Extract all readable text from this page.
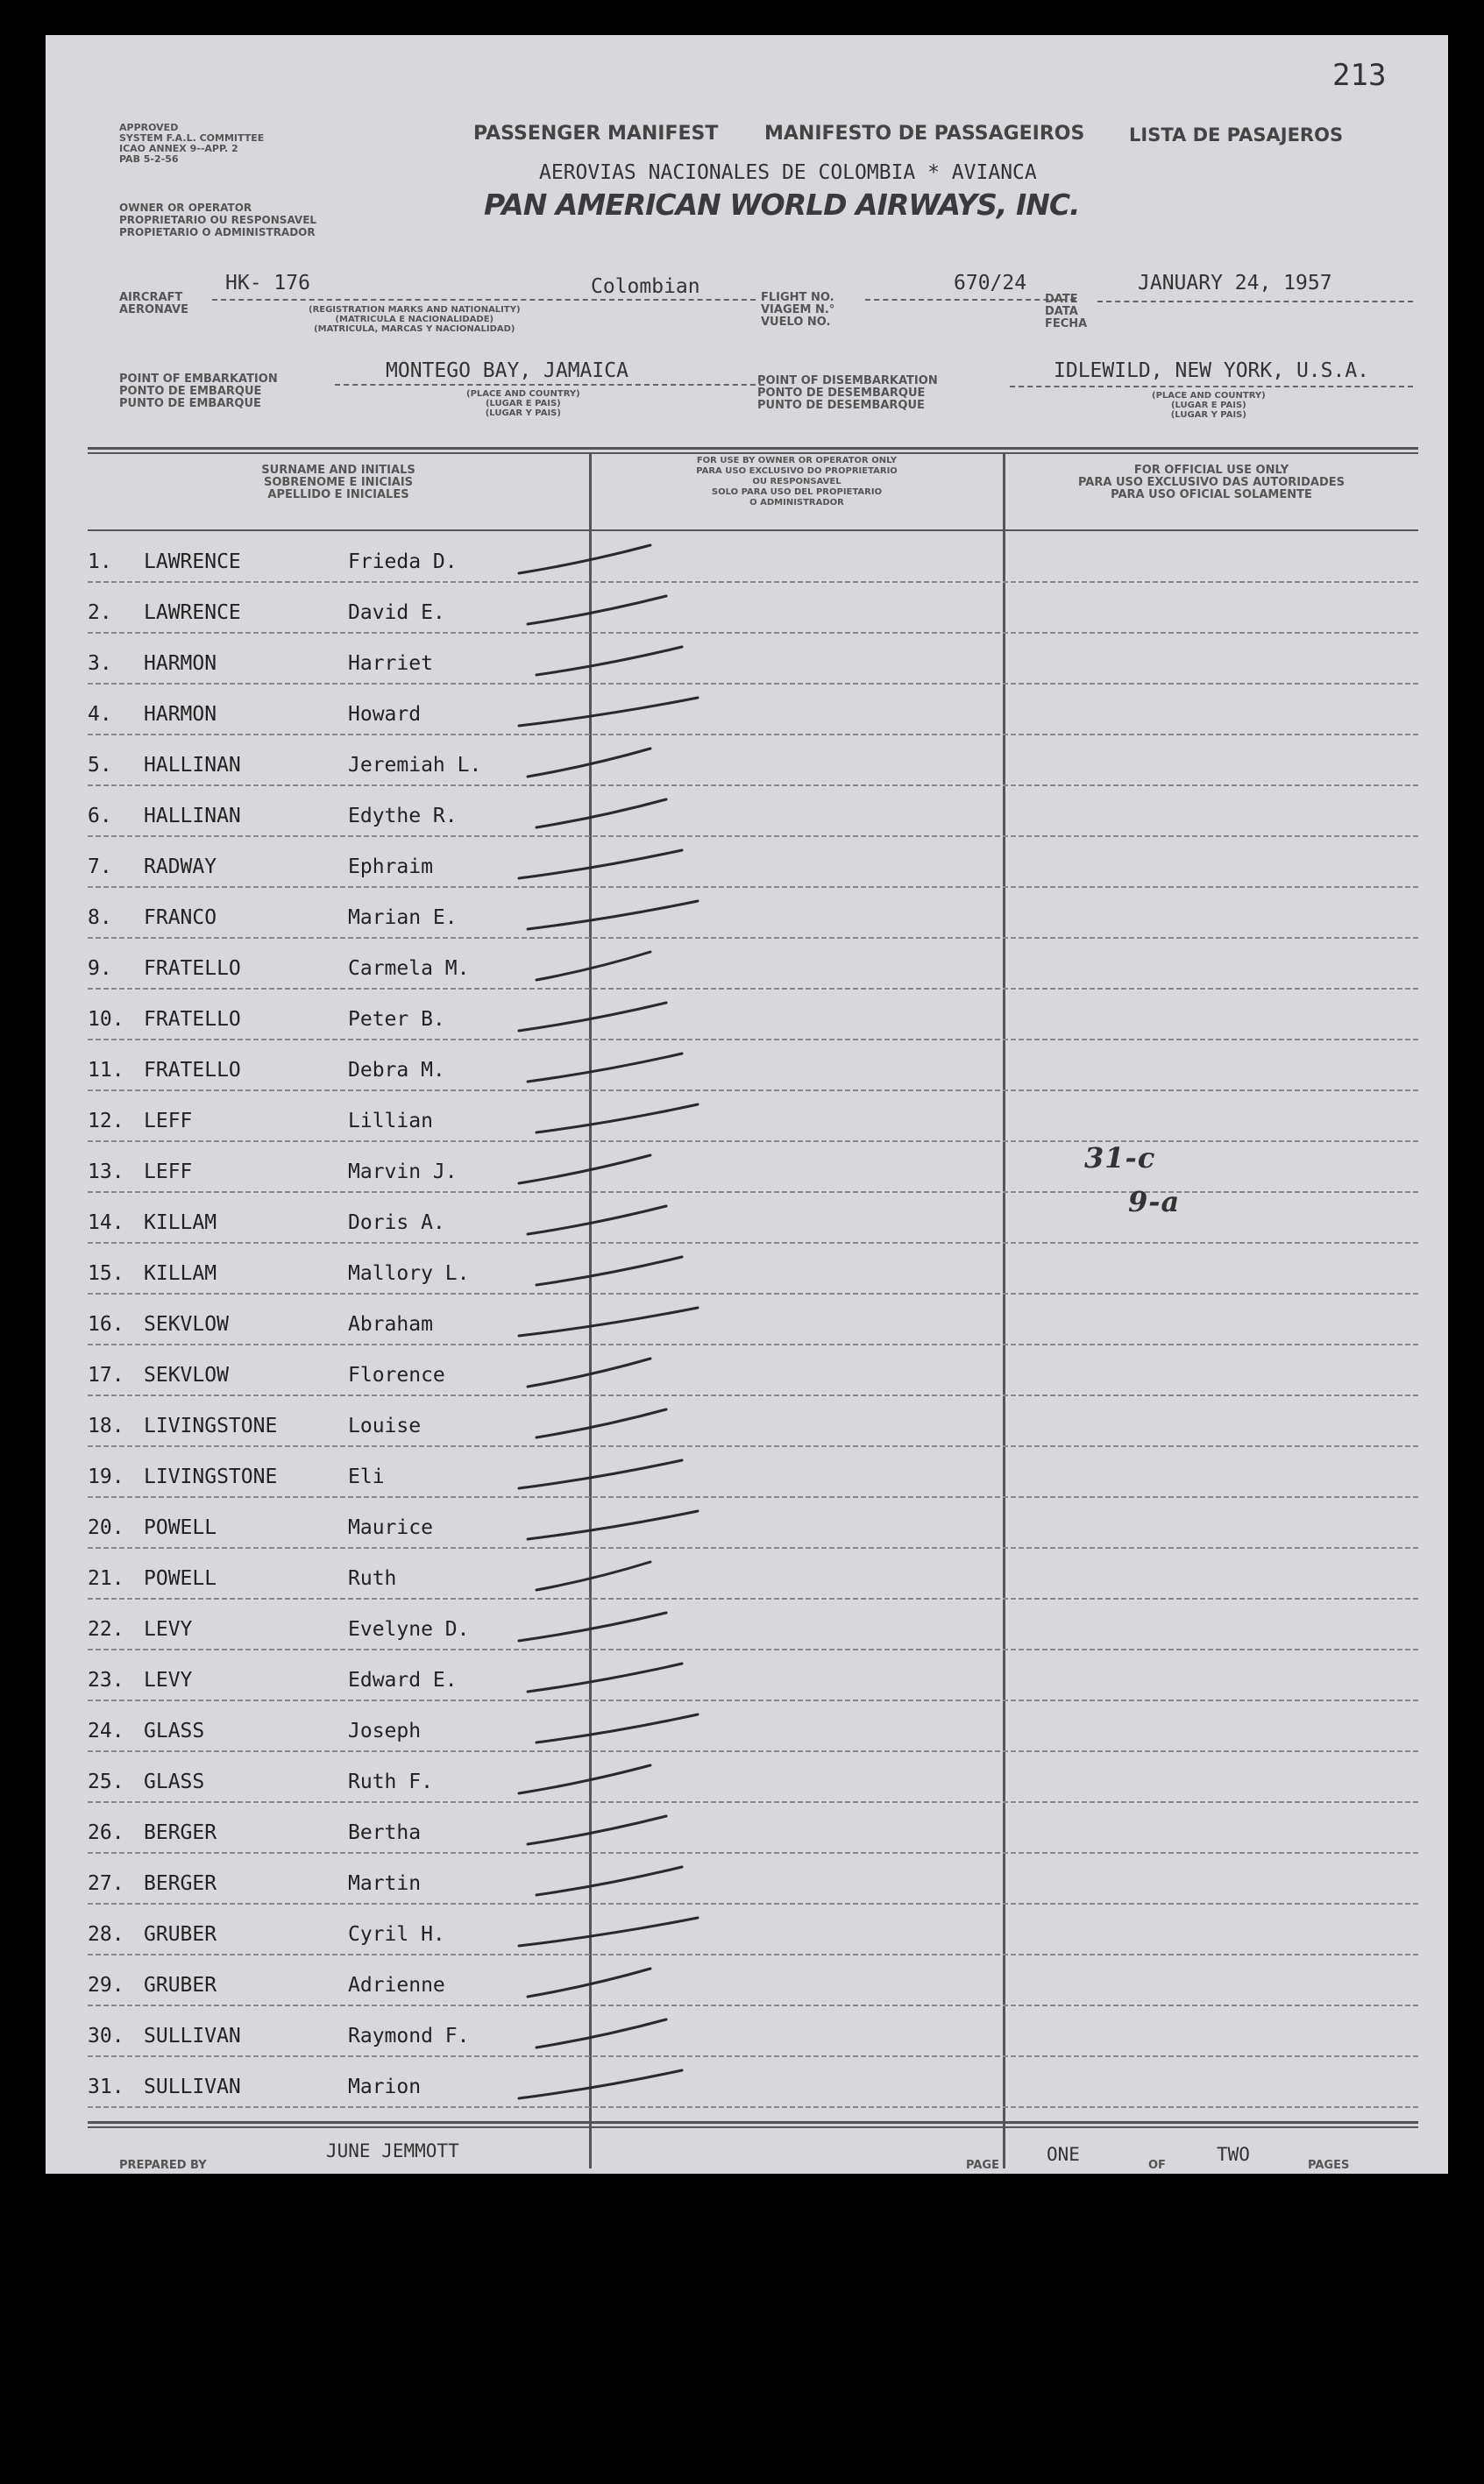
213
APPROVED
SYSTEM F.A.L. COMMITTEE
ICAO ANNEX 9--APP. 2
PAB 5-2-56
PASSENGER MANIFEST MANIFESTO DE PASSAGEIROS LISTA DE PASAJEROS
OWNER OR OPERATOR
PROPRIETARIO OU RESPONSAVEL
PROPIETARIO O ADMINISTRADOR
AEROVIAS NACIONALES DE COLOMBIA * AVIANCA
PAN AMERICAN WORLD AIRWAYS, INC.
AIRCRAFT
AERONAVE
HK- 176	Colombian
(REGISTRATION MARKS AND NATIONALITY)
(MATRICULA E NACIONALIDADE)
(MATRICULA, MARCAS Y NACIONALIDAD)
FLIGHT NO.
VIAGEM N.°
VUELO NO.
670/24
DATE
DATA
FECHA
JANUARY 24, 1957
POINT OF EMBARKATION
PONTO DE EMBARQUE
PUNTO DE EMBARQUE
MONTEGO BAY, JAMAICA
(PLACE AND COUNTRY)
(LUGAR E PAIS)
(LUGAR Y PAIS)
POINT OF DISEMBARKATION
PONTO DE DESEMBARQUE
PUNTO DE DESEMBARQUE
IDLEWILD, NEW YORK, U.S.A.
(PLACE AND COUNTRY)
(LUGAR E PAIS)
(LUGAR Y PAIS)
SURNAME AND INITIALS
SOBRENOME E INICIAIS
APELLIDO E INICIALES
FOR USE BY OWNER OR OPERATOR ONLY
PARA USO EXCLUSIVO DO PROPRIETARIO
OU RESPONSAVEL
SOLO PARA USO DEL PROPIETARIO
O ADMINISTRADOR
FOR OFFICIAL USE ONLY
PARA USO EXCLUSIVO DAS AUTORIDADES
PARA USO OFICIAL SOLAMENTE
1.	LAWRENCE	Frieda D.
2.	LAWRENCE	David E.
3.	HARMON	Harriet
4.	HARMON	Howard
5.	HALLINAN	Jeremiah L.
6.	HALLINAN	Edythe R.
7.	RADWAY	Ephraim
8.	FRANCO	Marian E.
9.	FRATELLO	Carmela M.
10. FRATELLO	Peter B.
11. FRATELLO	Debra M.
12. LEFF	Lillian
13. LEFF	Marvin J.
14. KILLAM	Doris A.
15. KILLAM	Mallory L.
16. SEKVLOW	Abraham
17. SEKVLOW	Florence
18. LIVINGSTONE	Louise
19. LIVINGSTONE	Eli
20. POWELL	Maurice
21. POWELL	Ruth
22. LEVY	Evelyne D.
23. LEVY	Edward E.
24. GLASS	Joseph
25. GLASS	Ruth F.
26. BERGER	Bertha
27. BERGER	Martin
28. GRUBER	Cyril H.
29. GRUBER	Adrienne
30. SULLIVAN	Raymond F.
31. SULLIVAN	Marion
31-c
9-a
PREPARED BY
JUNE JEMMOTT
PAGE
ONE
OF
TWO
PAGES
